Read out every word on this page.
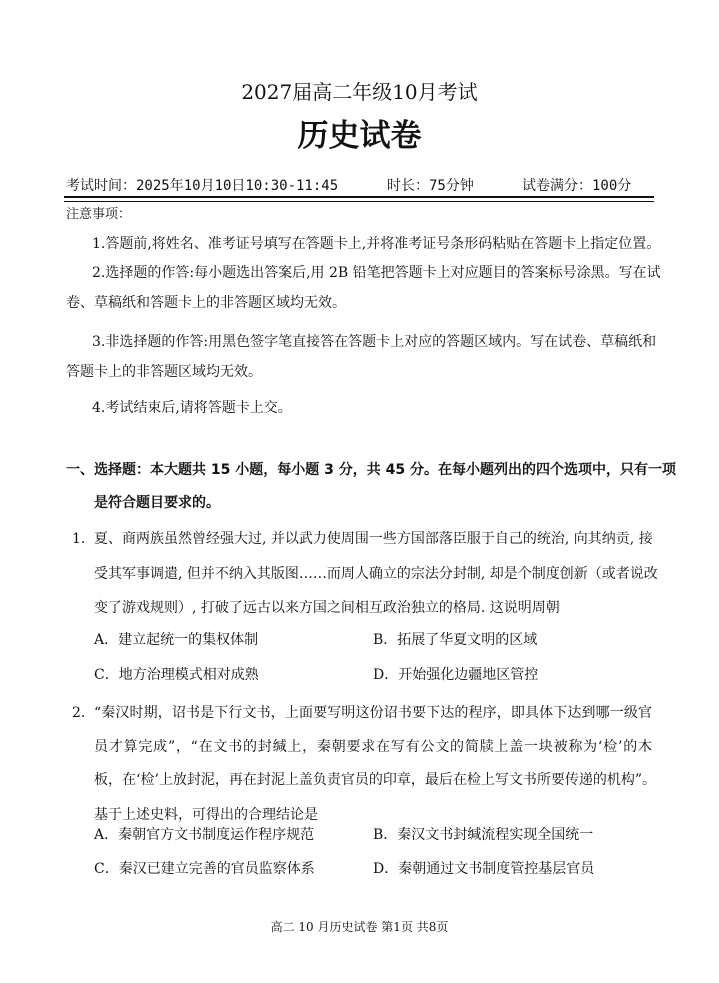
2027届高二年级10月考试
历史试卷
考试时间：2025年10月10日10:30-11:45	时长：75分钟	试卷满分：100分
注意事项：
1.答题前,将姓名、准考证号填写在答题卡上,并将准考证号条形码粘贴在答题卡上指定位置。
2.选择题的作答:每小题选出答案后,用 2B 铅笔把答题卡上对应题目的答案标号涂黑。写在试
卷、草稿纸和答题卡上的非答题区域均无效。
3.非选择题的作答:用黑色签字笔直接答在答题卡上对应的答题区域内。写在试卷、草稿纸和
答题卡上的非答题区域均无效。
4.考试结束后,请将答题卡上交。
一、选择题：本大题共 15 小题，每小题 3 分，共 45 分。在每小题列出的四个选项中，只有一项
是符合题目要求的。
1. 夏、商两族虽然曾经强大过, 并以武力使周围一些方国部落臣服于自己的统治, 向其纳贡, 接
受其军事调遣, 但并不纳入其版图……而周人确立的宗法分封制, 却是个制度创新（或者说改
变了游戏规则）, 打破了远古以来方国之间相互政治独立的格局. 这说明周朝
A．建立起统一的集权体制	B．拓展了华夏文明的区域
C．地方治理模式相对成熟	D．开始强化边疆地区管控
2. “秦汉时期，诏书是下行文书，上面要写明这份诏书要下达的程序，即具体下达到哪一级官
员才算完成”，“在文书的封缄上，秦朝要求在写有公文的简牍上盖一块被称为‘检’的木
板，在‘检’上放封泥，再在封泥上盖负责官员的印章，最后在检上写文书所要传递的机构”。
基于上述史料，可得出的合理结论是
A．秦朝官方文书制度运作程序规范	B．秦汉文书封缄流程实现全国统一
C．秦汉已建立完善的官员监察体系	D．秦朝通过文书制度管控基层官员
高二 10 月历史试卷 第1页 共8页
